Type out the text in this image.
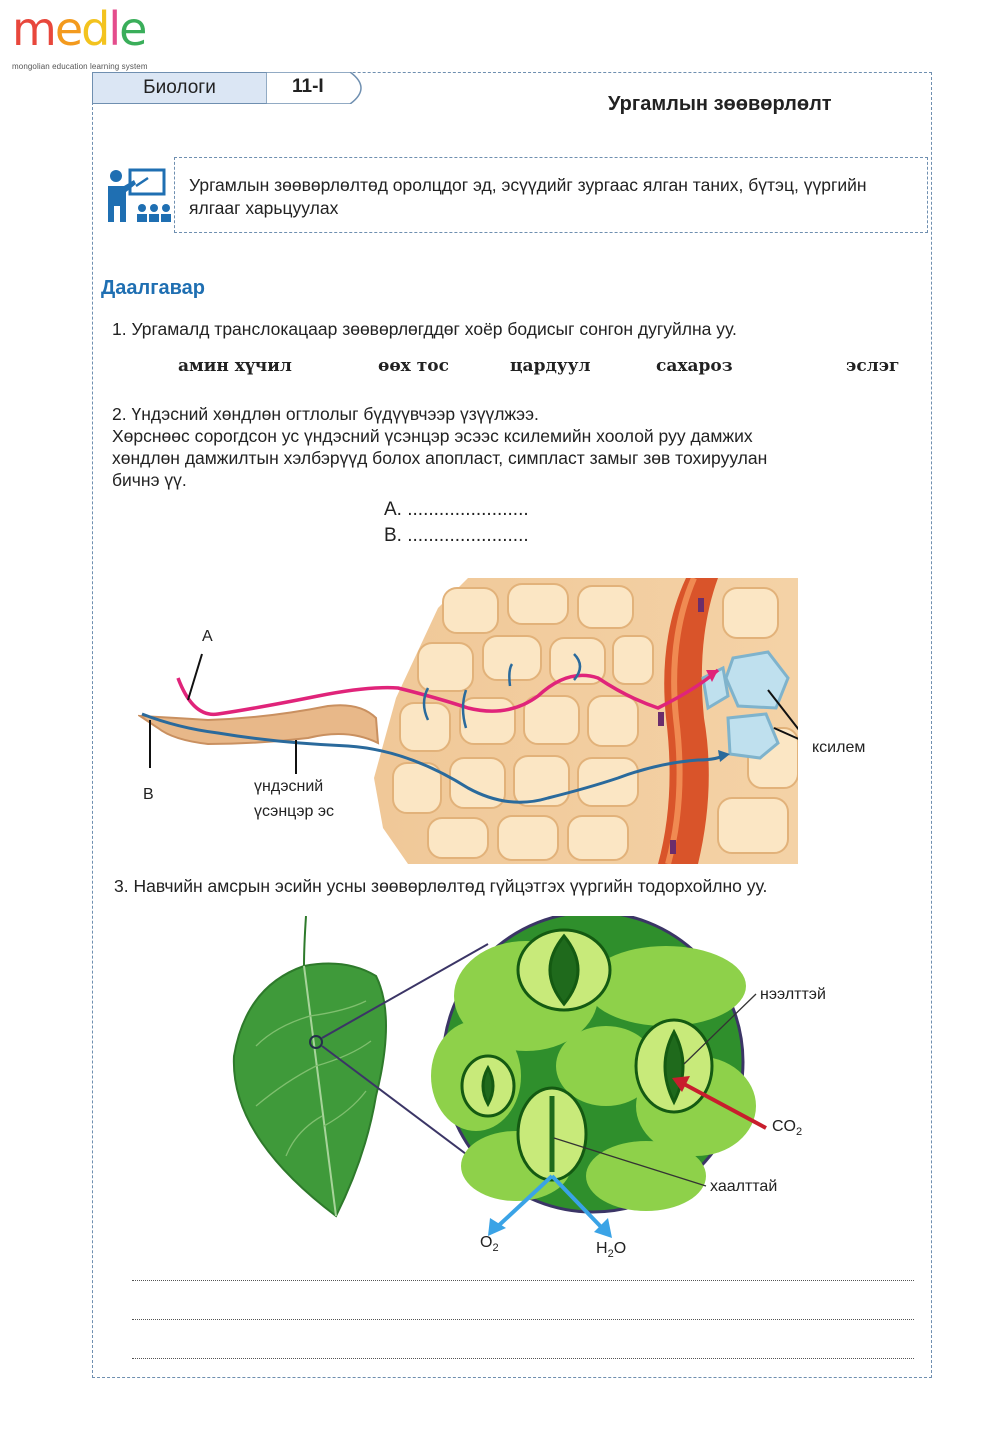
medle
mongolian education learning system
Биологи	11-I
Ургамлын зөөвөрлөлт
Ургамлын зөөвөрлөлтөд оролцдог эд, эсүүдийг зургаас ялган таних, бүтэц, үүргийн ялгааг харьцуулах
Даалгавар
1. Ургамалд транслокацаар зөөвөрлөгддөг хоёр бодисыг сонгон дугуйлна уу.
амин хүчил	өөх тос	цардуул	сахароз	эслэг
2. Үндэсний хөндлөн огтлолыг бүдүүвчээр үзүүлжээ.
Хөрснөөс сорогдсон ус үндэсний үсэнцэр эсээс ксилемийн хоолой руу дамжих
хөндлөн дамжилтын хэлбэрүүд болох апопласт, симпласт замыг зөв тохируулан
бичнэ үү.
А. .......................
В. .......................
А
В	үндэсний
үсэнцэр эс
ксилем
3. Навчийн амсрын эсийн усны зөөвөрлөлтөд гүйцэтгэх үүргийн тодорхойлно уу.
нээлттэй
хаалттай
$CO_2$
$O_2$	$H_2O$
